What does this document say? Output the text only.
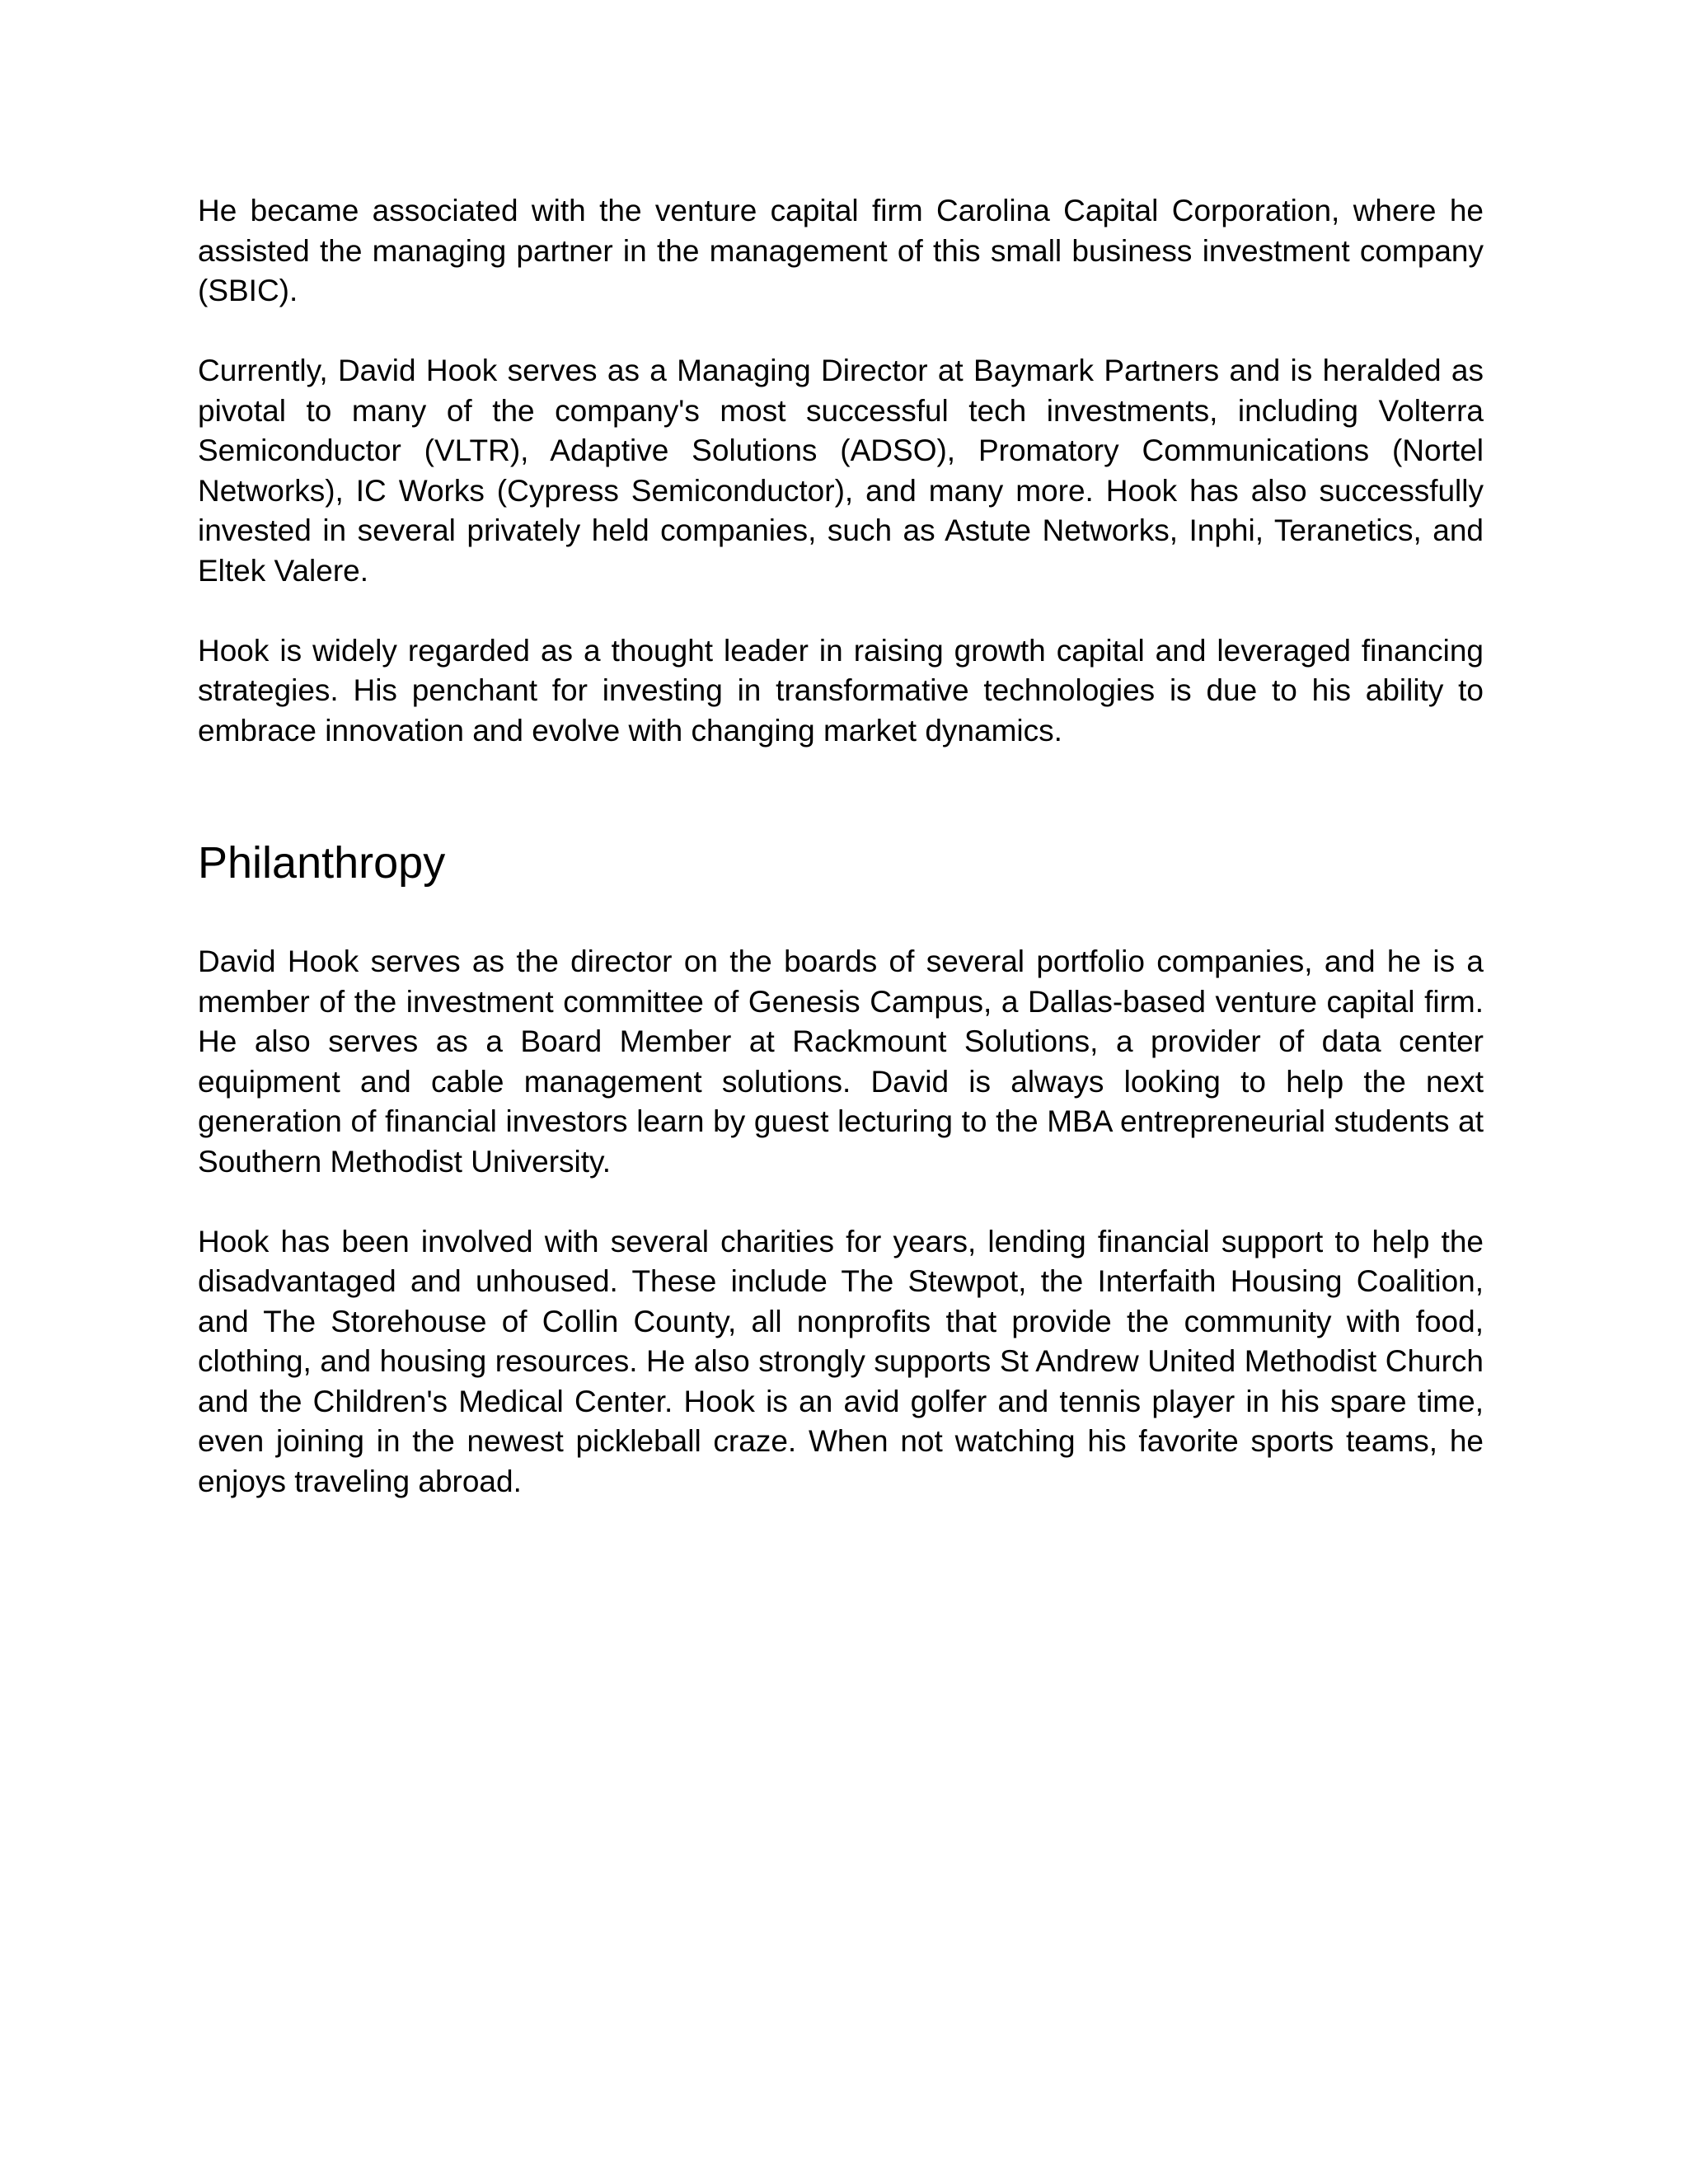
He became associated with the venture capital firm Carolina Capital Corporation, where he assisted the managing partner in the management of this small business investment company (SBIC).

Currently, David Hook serves as a Managing Director at Baymark Partners and is heralded as pivotal to many of the company's most successful tech investments, including Volterra Semiconductor (VLTR), Adaptive Solutions (ADSO), Promatory Communications (Nortel Networks), IC Works (Cypress Semiconductor), and many more. Hook has also successfully invested in several privately held companies, such as Astute Networks, Inphi, Teranetics, and Eltek Valere.

Hook is widely regarded as a thought leader in raising growth capital and leveraged financing strategies. His penchant for investing in transformative technologies is due to his ability to embrace innovation and evolve with changing market dynamics.

Philanthropy

David Hook serves as the director on the boards of several portfolio companies, and he is a member of the investment committee of Genesis Campus, a Dallas-based venture capital firm. He also serves as a Board Member at Rackmount Solutions, a provider of data center equipment and cable management solutions. David is always looking to help the next generation of financial investors learn by guest lecturing to the MBA entrepreneurial students at Southern Methodist University.

Hook has been involved with several charities for years, lending financial support to help the disadvantaged and unhoused. These include The Stewpot, the Interfaith Housing Coalition, and The Storehouse of Collin County, all nonprofits that provide the community with food, clothing, and housing resources. He also strongly supports St Andrew United Methodist Church and the Children's Medical Center. Hook is an avid golfer and tennis player in his spare time, even joining in the newest pickleball craze. When not watching his favorite sports teams, he enjoys traveling abroad.
